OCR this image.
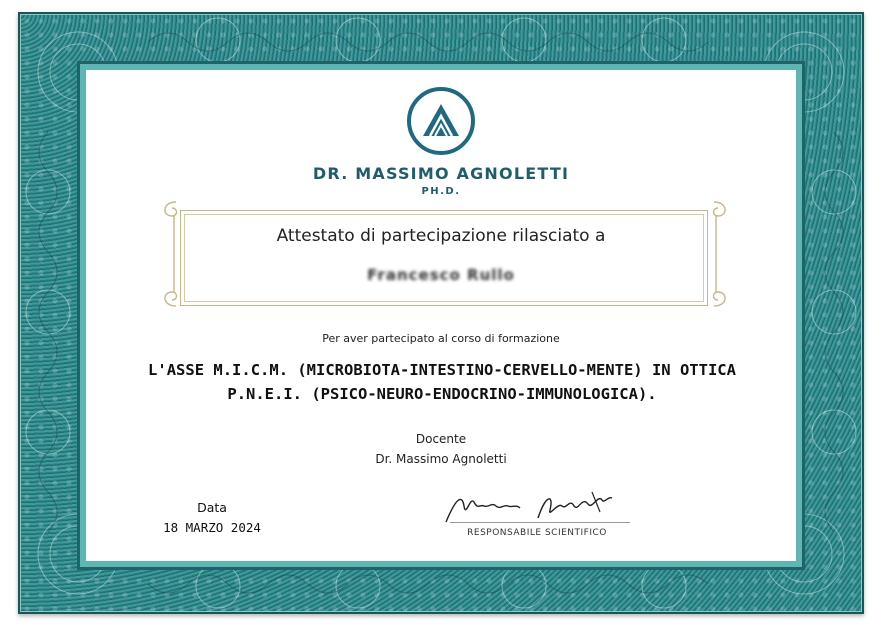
DR. MASSIMO AGNOLETTI
PH.D.
Attestato di partecipazione rilasciato a
Francesco Rullo
Per aver partecipato al corso di formazione
L'ASSE M.I.C.M. (MICROBIOTA-INTESTINO-CERVELLO-MENTE) IN OTTICA P.N.E.I. (PSICO-NEURO-ENDOCRINO-IMMUNOLOGICA).
Docente
Dr. Massimo Agnoletti
Data
18 MARZO 2024	RESPONSABILE SCIENTIFICO
